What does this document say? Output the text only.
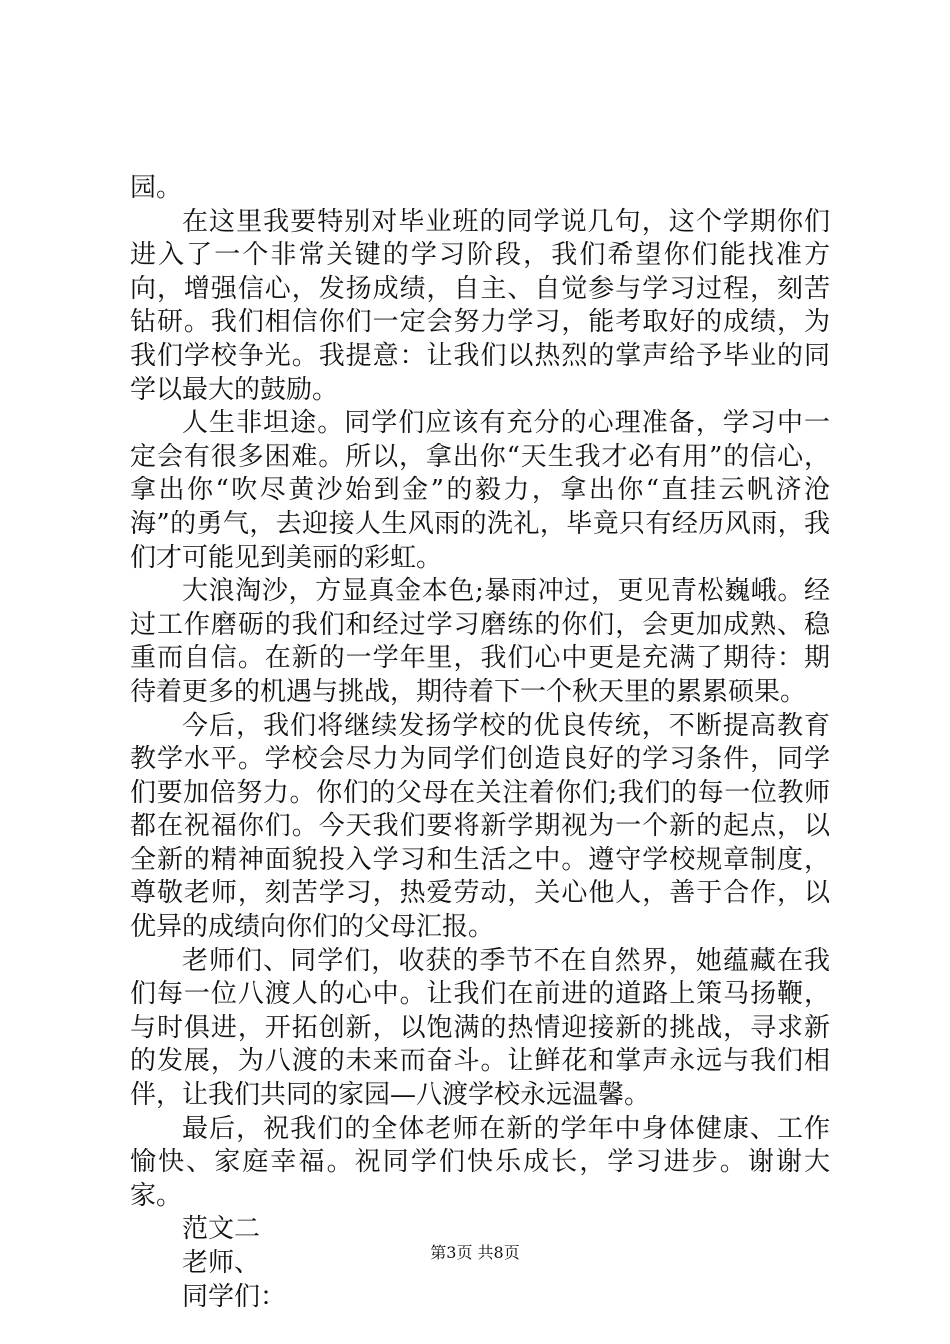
园。

在这里我要特别对毕业班的同学说几句，这个学期你们进入了一个非常关键的学习阶段，我们希望你们能找准方向，增强信心，发扬成绩，自主、自觉参与学习过程，刻苦钻研。我们相信你们一定会努力学习，能考取好的成绩，为我们学校争光。我提意：让我们以热烈的掌声给予毕业的同学以最大的鼓励。

人生非坦途。同学们应该有充分的心理准备，学习中一定会有很多困难。所以，拿出你“天生我才必有用”的信心，拿出你“吹尽黄沙始到金”的毅力，拿出你“直挂云帆济沧海”的勇气，去迎接人生风雨的洗礼，毕竟只有经历风雨，我们才可能见到美丽的彩虹。

大浪淘沙，方显真金本色;暴雨冲过，更见青松巍峨。经过工作磨砺的我们和经过学习磨练的你们，会更加成熟、稳重而自信。在新的一学年里，我们心中更是充满了期待：期待着更多的机遇与挑战，期待着下一个秋天里的累累硕果。

今后，我们将继续发扬学校的优良传统，不断提高教育教学水平。学校会尽力为同学们创造良好的学习条件，同学们要加倍努力。你们的父母在关注着你们;我们的每一位教师都在祝福你们。今天我们要将新学期视为一个新的起点，以全新的精神面貌投入学习和生活之中。遵守学校规章制度，尊敬老师，刻苦学习，热爱劳动，关心他人，善于合作，以优异的成绩向你们的父母汇报。

老师们、同学们，收获的季节不在自然界，她蕴藏在我们每一位八渡人的心中。让我们在前进的道路上策马扬鞭，与时俱进，开拓创新，以饱满的热情迎接新的挑战，寻求新的发展，为八渡的未来而奋斗。让鲜花和掌声永远与我们相伴，让我们共同的家园—八渡学校永远温馨。

最后，祝我们的全体老师在新的学年中身体健康、工作愉快、家庭幸福。祝同学们快乐成长，学习进步。谢谢大家。

范文二

老师、

同学们：

第3页 共8页
